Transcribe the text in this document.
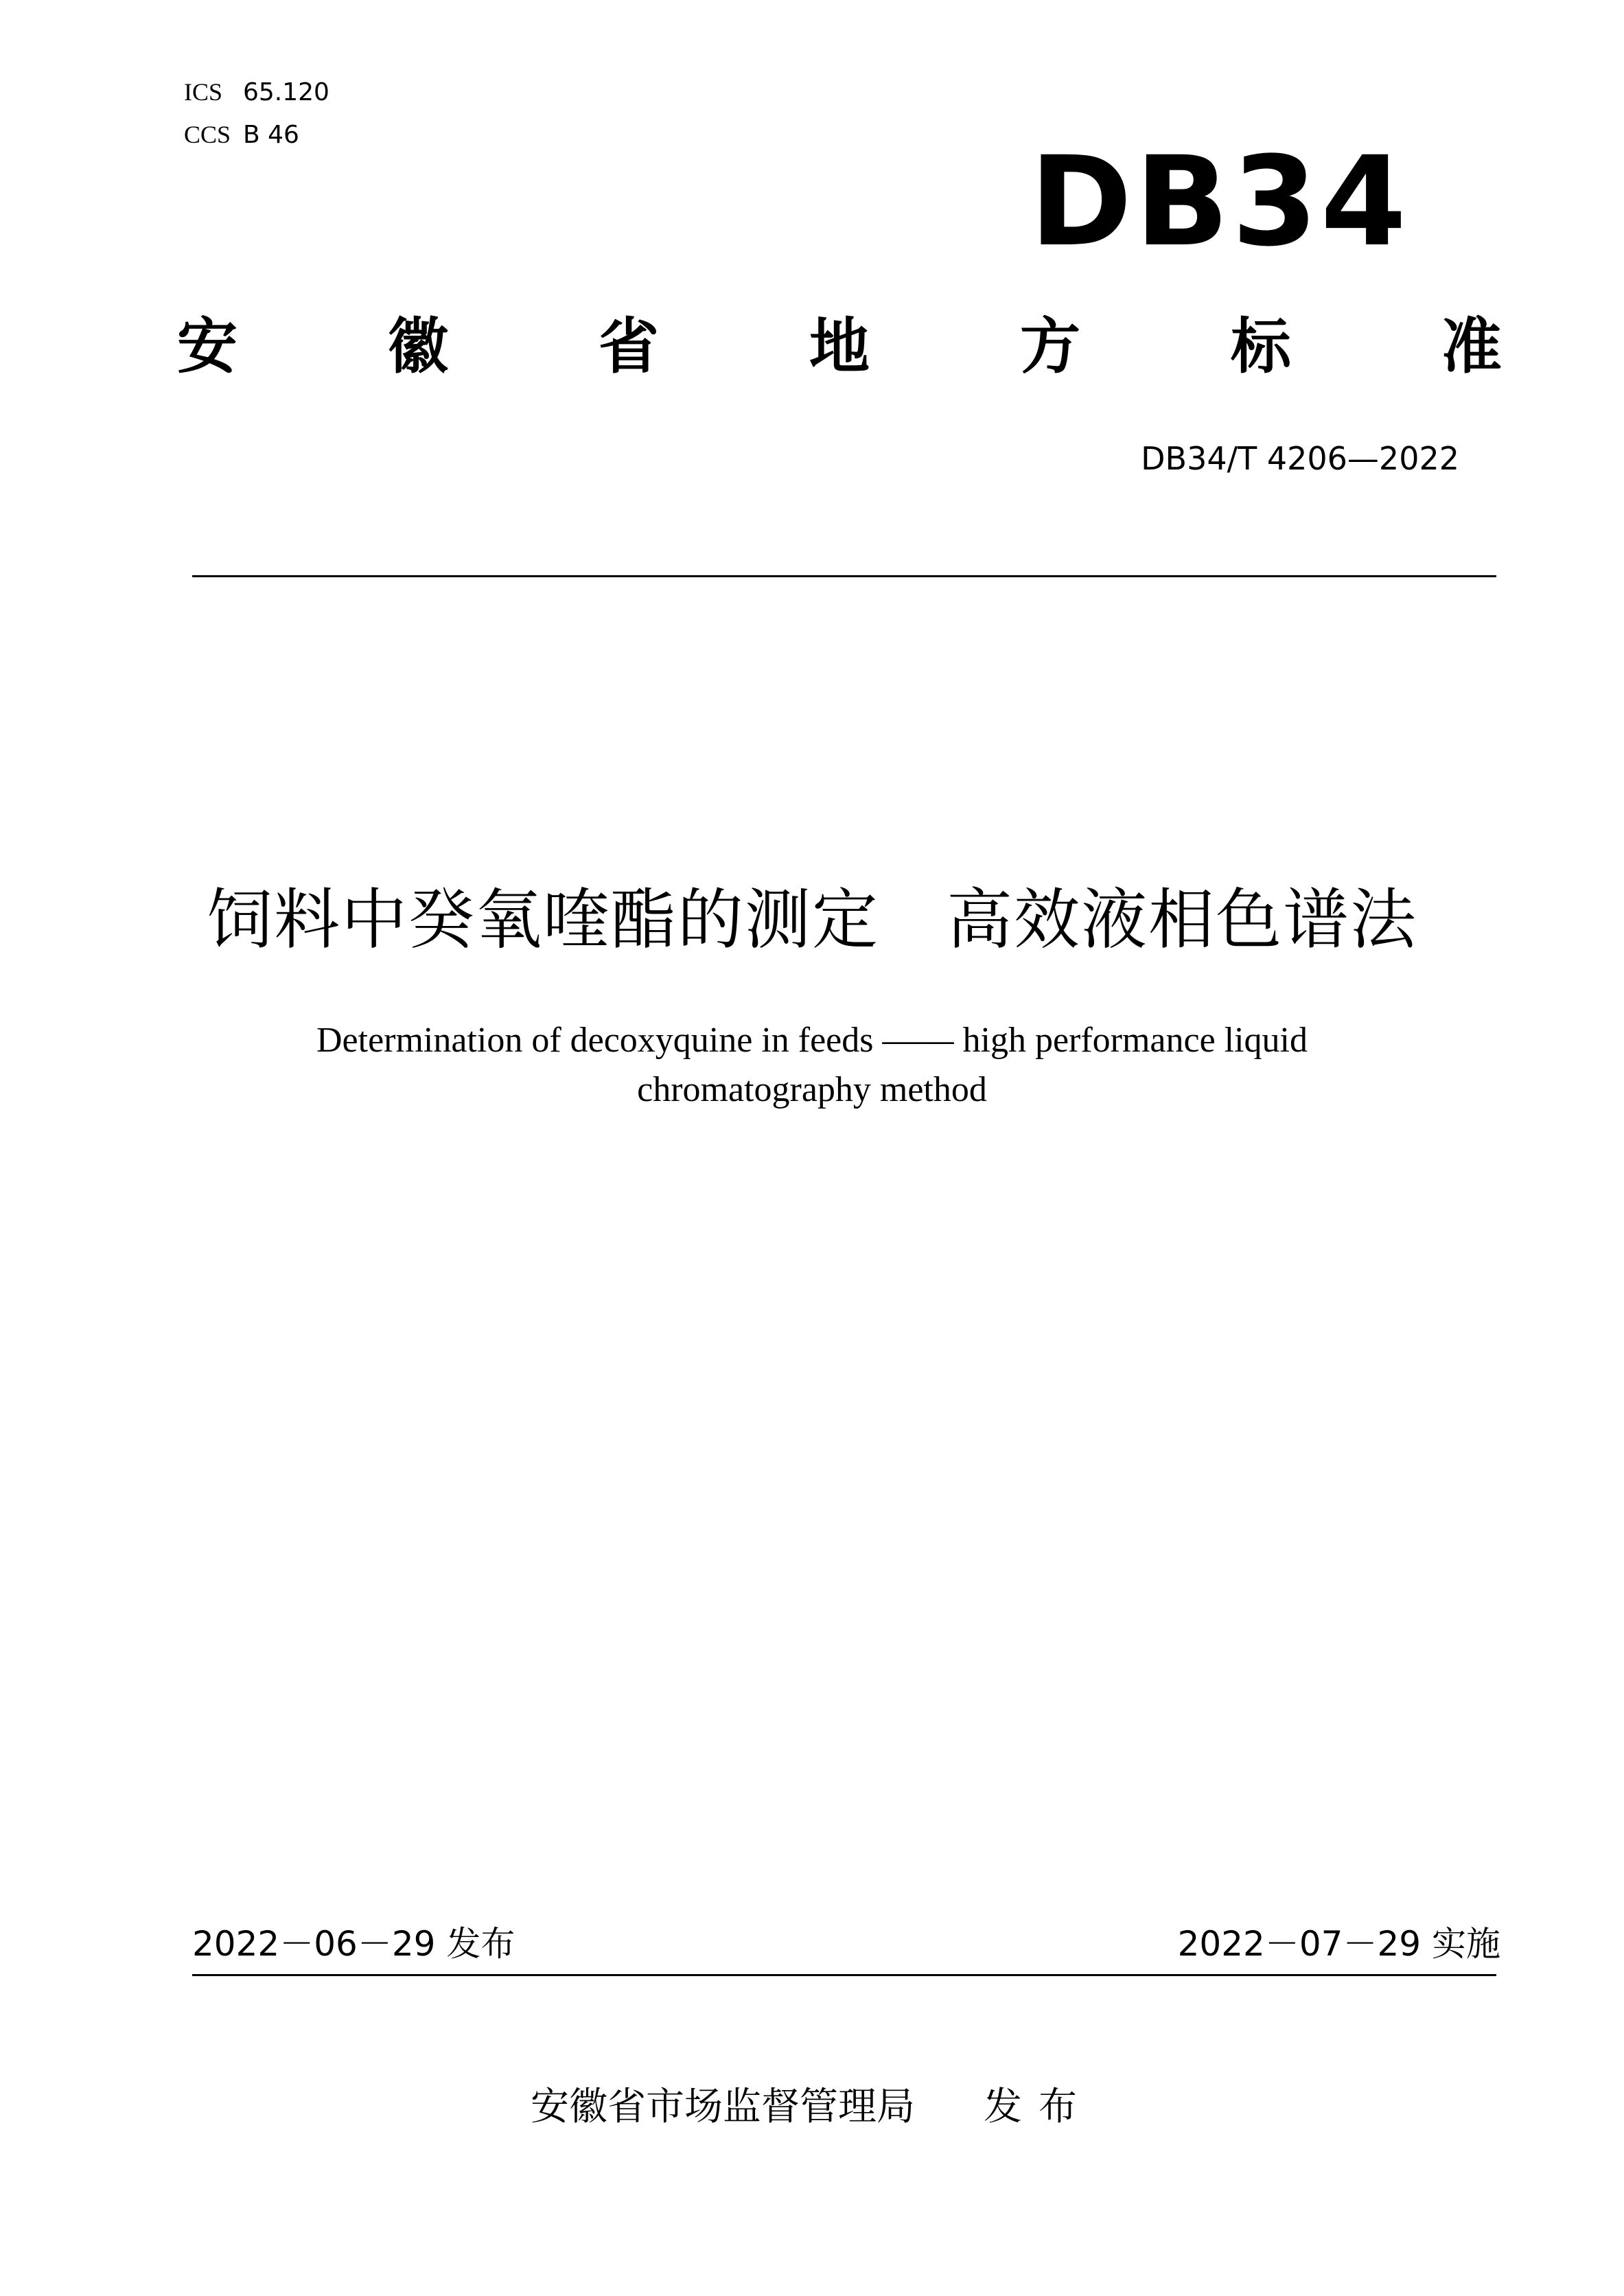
ICS 65.120
CCS B 46	DB34
安 徽 省 地 方 标 准
DB34/T 4206—2022
饲料中癸氧喹酯的测定　高效液相色谱法
Determination of decoxyquine in feeds —— high performance liquid
chromatography method
2022－06－29 发布	2022－07－29 实施
安徽省市场监督管理局 发布
